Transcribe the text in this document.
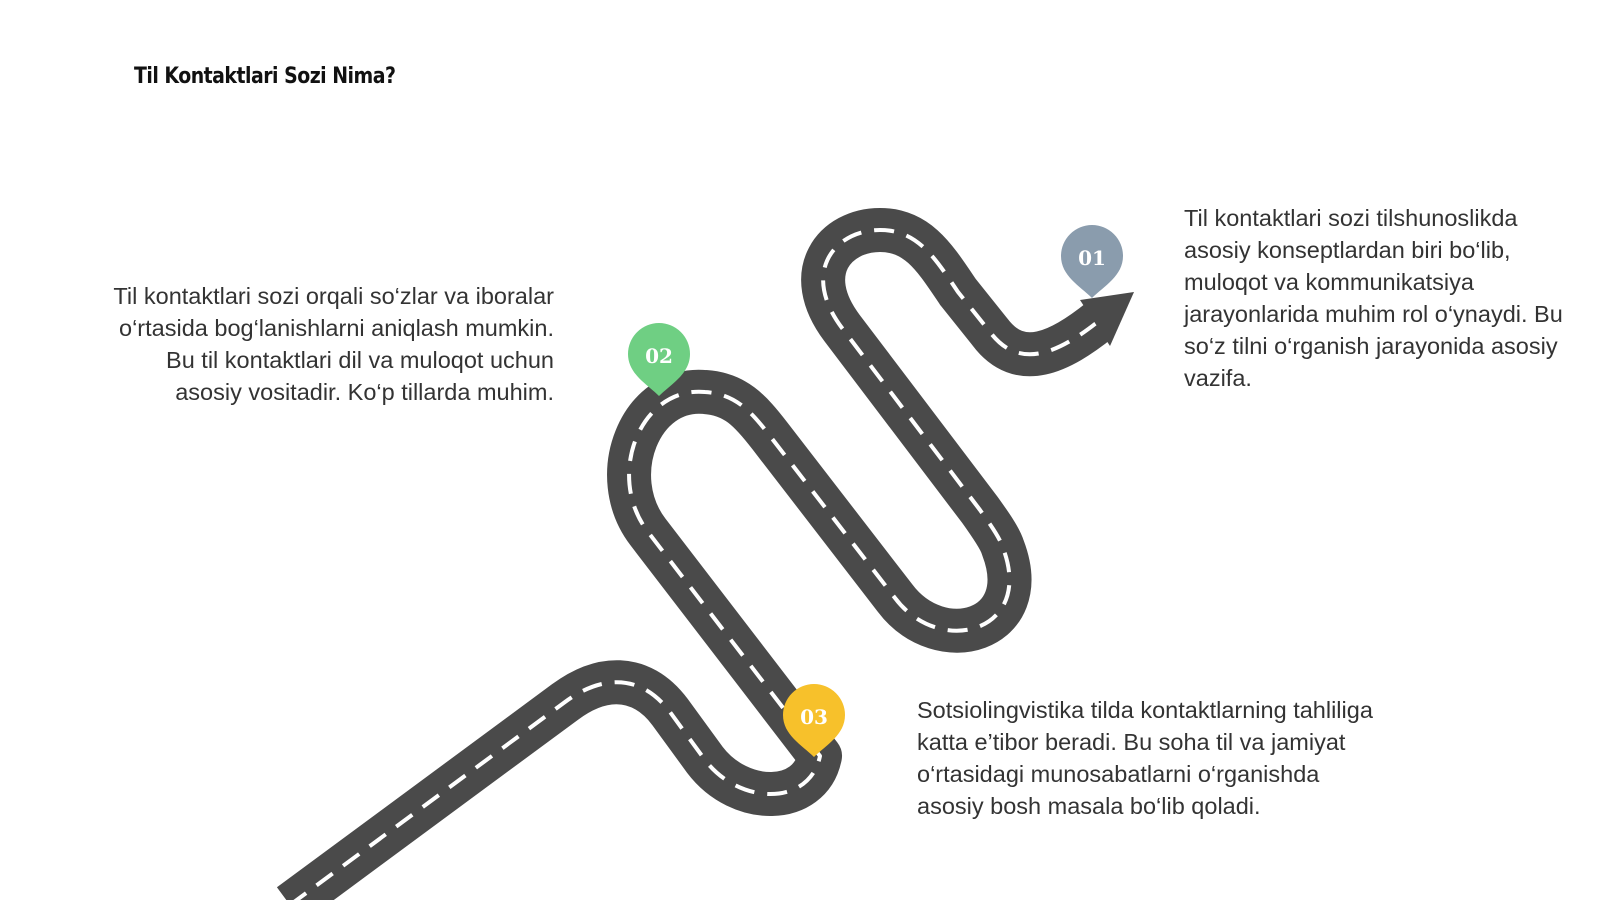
Til Kontaktlari Sozi Nima?
01
02
03

Til kontaktlari sozi tilshunoslikda asosiy konseptlardan biri bo‘lib, muloqot va kommunikatsiya jarayonlarida muhim rol o‘ynaydi. Bu so‘z tilni o‘rganish jarayonida asosiy vazifa.

Til kontaktlari sozi orqali so‘zlar va iboralar o‘rtasida bog‘lanishlarni aniqlash mumkin. Bu til kontaktlari dil va muloqot uchun asosiy vositadir. Ko‘p tillarda muhim.

Sotsiolingvistika tilda kontaktlarning tahliliga katta e’tibor beradi. Bu soha til va jamiyat o‘rtasidagi munosabatlarni o‘rganishda asosiy bosh masala bo‘lib qoladi.
